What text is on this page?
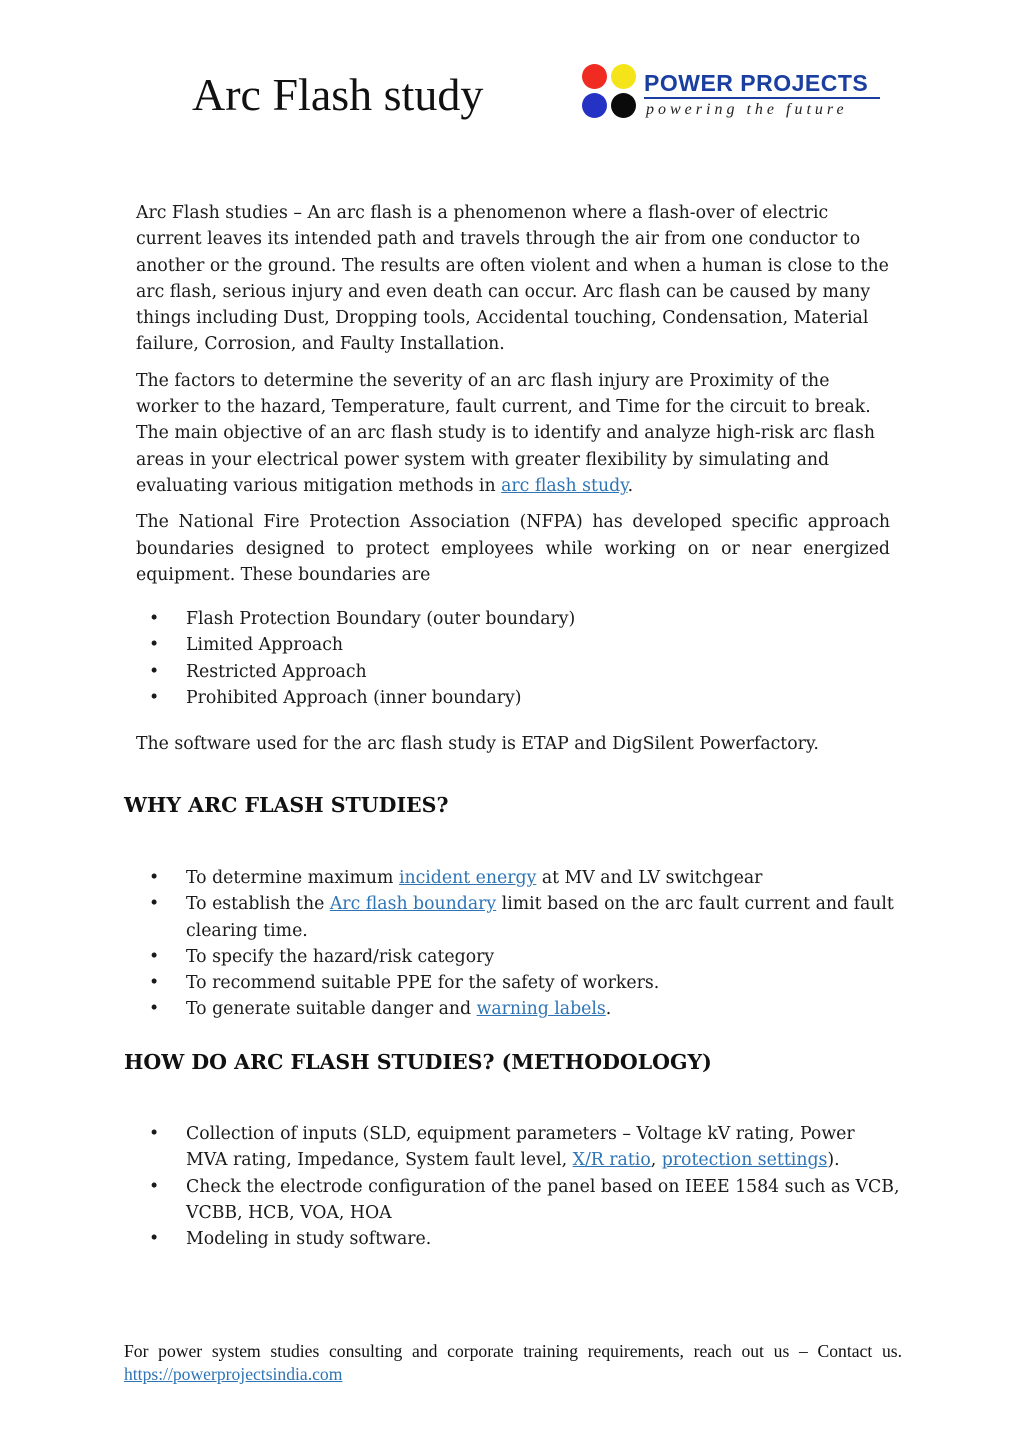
Arc Flash study	POWER PROJECTS
powering the future

Arc Flash studies – An arc flash is a phenomenon where a flash-over of electric current leaves its intended path and travels through the air from one conductor to another or the ground. The results are often violent and when a human is close to the arc flash, serious injury and even death can occur. Arc flash can be caused by many things including Dust, Dropping tools, Accidental touching, Condensation, Material failure, Corrosion, and Faulty Installation.

The factors to determine the severity of an arc flash injury are Proximity of the worker to the hazard, Temperature, fault current, and Time for the circuit to break. The main objective of an arc flash study is to identify and analyze high-risk arc flash areas in your electrical power system with greater flexibility by simulating and evaluating various mitigation methods in arc flash study.

The National Fire Protection Association (NFPA) has developed specific approach boundaries designed to protect employees while working on or near energized equipment. These boundaries are

• Flash Protection Boundary (outer boundary)
• Limited Approach
• Restricted Approach
• Prohibited Approach (inner boundary)

The software used for the arc flash study is ETAP and DigSilent Powerfactory.

WHY ARC FLASH STUDIES?
• To determine maximum incident energy at MV and LV switchgear
• To establish the Arc flash boundary limit based on the arc fault current and fault clearing time.
• To specify the hazard/risk category
• To recommend suitable PPE for the safety of workers.
• To generate suitable danger and warning labels.
HOW DO ARC FLASH STUDIES? (METHODOLOGY)
• Collection of inputs (SLD, equipment parameters – Voltage kV rating, Power MVA rating, Impedance, System fault level, X/R ratio, protection settings).
• Check the electrode configuration of the panel based on IEEE 1584 such as VCB, VCBB, HCB, VOA, HOA
• Modeling in study software.

For power system studies consulting and corporate training requirements, reach out us – Contact us. https://powerprojectsindia.com
